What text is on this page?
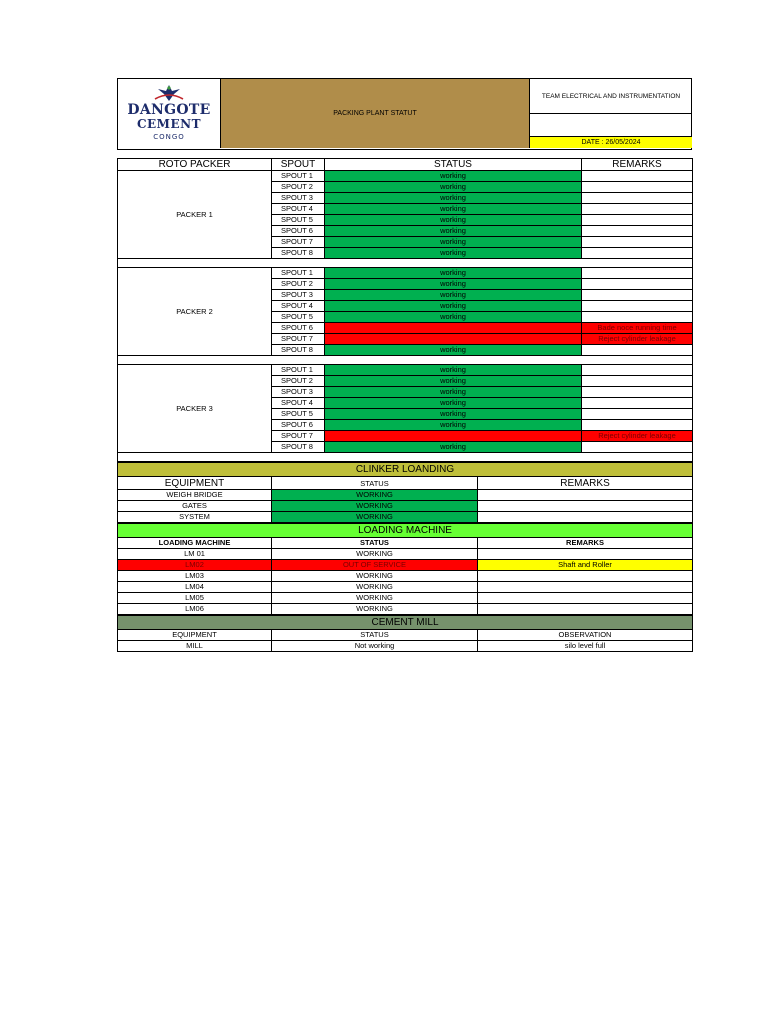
DANGOTE
CEMENT
CONGO
PACKING PLANT STATUT
TEAM ELECTRICAL AND INSTRUMENTATION
DATE : 26/05/2024
ROTO PACKER	SPOUT	STATUS	REMARKS
PACKER 1	SPOUT 1	working	
	SPOUT 2	working	
	SPOUT 3	working	
	SPOUT 4	working	
	SPOUT 5	working	
	SPOUT 6	working	
	SPOUT 7	working	
	SPOUT 8	working	

PACKER 2	SPOUT 1	working	
	SPOUT 2	working	
	SPOUT 3	working	
	SPOUT 4	working	
	SPOUT 5	working	
	SPOUT 6		Bade noce running time
	SPOUT 7		Reject cylinder leakage
	SPOUT 8	working	

PACKER 3	SPOUT 1	working	
	SPOUT 2	working	
	SPOUT 3	working	
	SPOUT 4	working	
	SPOUT 5	working	
	SPOUT 6	working	
	SPOUT 7		Reject cylinder leakage
	SPOUT 8	working	

CLINKER LOANDING		
EQUIPMENT	STATUS	REMARKS
WEIGH BRIDGE	WORKING	
GATES	WORKING	
SYSTEM	WORKING	
LOADING MACHINE		
LOADING MACHINE	STATUS	REMARKS
LM 01	WORKING	
LM02	OUT OF SERVICE	Shaft and Roller
LM03	WORKING	
LM04	WORKING	
LM05	WORKING	
LM06	WORKING	
CEMENT MILL		
EQUIPMENT	STATUS	OBSERVATION
MILL	Not working	silo level full
